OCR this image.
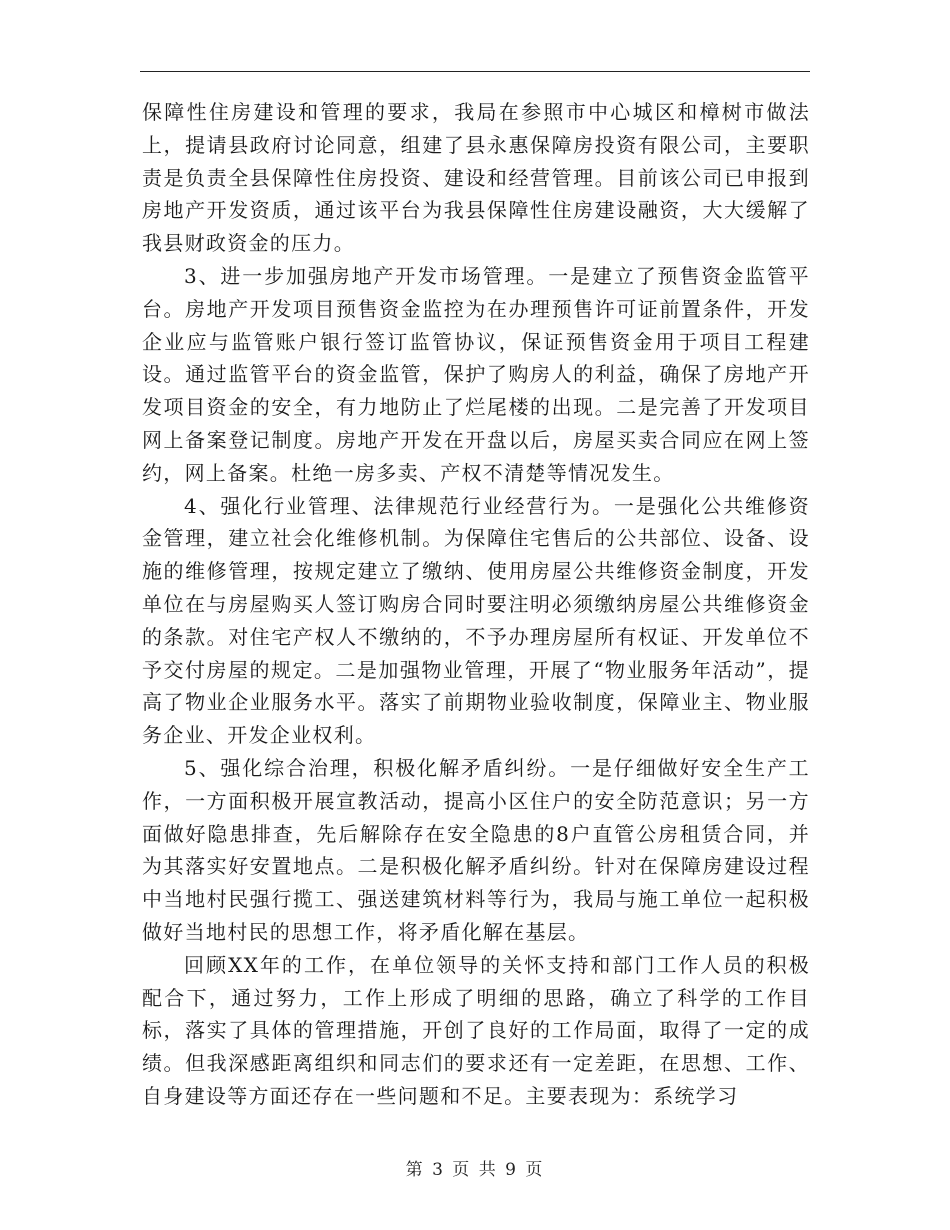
保障性住房建设和管理的要求，我局在参照市中心城区和樟树市做法上，提请县政府讨论同意，组建了县永惠保障房投资有限公司，主要职责是负责全县保障性住房投资、建设和经营管理。目前该公司已申报到房地产开发资质，通过该平台为我县保障性住房建设融资，大大缓解了我县财政资金的压力。

3、进一步加强房地产开发市场管理。一是建立了预售资金监管平台。房地产开发项目预售资金监控为在办理预售许可证前置条件，开发企业应与监管账户银行签订监管协议，保证预售资金用于项目工程建设。通过监管平台的资金监管，保护了购房人的利益，确保了房地产开发项目资金的安全，有力地防止了烂尾楼的出现。二是完善了开发项目网上备案登记制度。房地产开发在开盘以后，房屋买卖合同应在网上签约，网上备案。杜绝一房多卖、产权不清楚等情况发生。

4、强化行业管理、法律规范行业经营行为。一是强化公共维修资金管理，建立社会化维修机制。为保障住宅售后的公共部位、设备、设施的维修管理，按规定建立了缴纳、使用房屋公共维修资金制度，开发单位在与房屋购买人签订购房合同时要注明必须缴纳房屋公共维修资金的条款。对住宅产权人不缴纳的，不予办理房屋所有权证、开发单位不予交付房屋的规定。二是加强物业管理，开展了“物业服务年活动”，提高了物业企业服务水平。落实了前期物业验收制度，保障业主、物业服务企业、开发企业权利。

5、强化综合治理，积极化解矛盾纠纷。一是仔细做好安全生产工作，一方面积极开展宣教活动，提高小区住户的安全防范意识；另一方面做好隐患排查，先后解除存在安全隐患的8户直管公房租赁合同，并为其落实好安置地点。二是积极化解矛盾纠纷。针对在保障房建设过程中当地村民强行揽工、强送建筑材料等行为，我局与施工单位一起积极做好当地村民的思想工作，将矛盾化解在基层。

回顾XX年的工作，在单位领导的关怀支持和部门工作人员的积极配合下，通过努力，工作上形成了明细的思路，确立了科学的工作目标，落实了具体的管理措施，开创了良好的工作局面，取得了一定的成绩。但我深感距离组织和同志们的要求还有一定差距，在思想、工作、自身建设等方面还存在一些问题和不足。主要表现为：系统学习

第 3 页 共 9 页
